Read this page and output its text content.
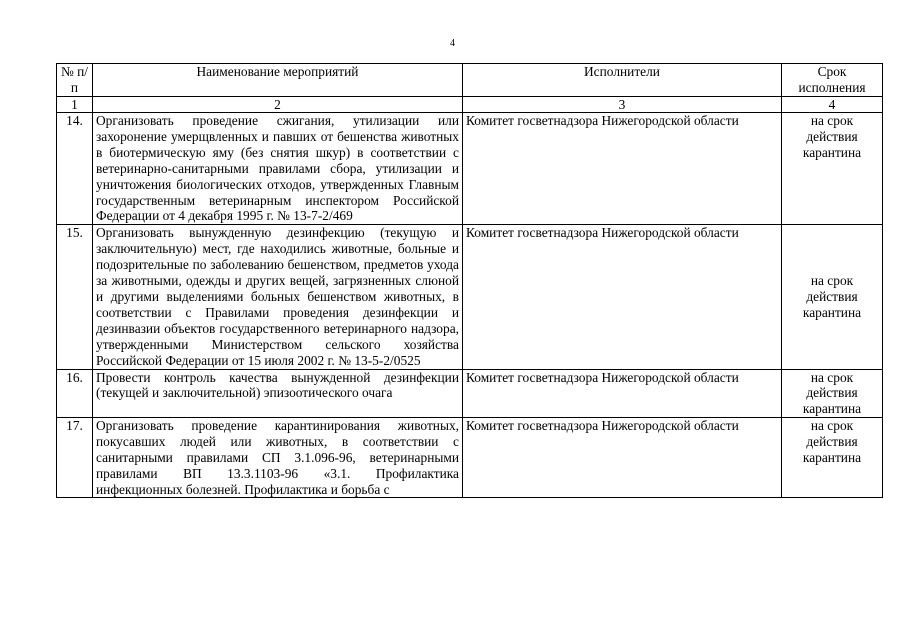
4
№ п/п	Наименование мероприятий	Исполнители	Срок исполнения
1	2	3	4
14.	Организовать проведение сжигания, утилизации или захоронение умерщвленных и павших от бешенства животных в биотермическую яму (без снятия шкур) в соответствии с ветеринарно-санитарными правилами сбора, утилизации и уничтожения биологических отходов, утвержденных Главным государственным ветеринарным инспектором Российской Федерации от 4 декабря 1995 г. № 13-7-2/469	Комитет госветнадзора Нижегородской области	на срок действия карантина
15.	Организовать вынужденную дезинфекцию (текущую и заключительную) мест, где находились животные, больные и подозрительные по заболеванию бешенством, предметов ухода за животными, одежды и других вещей, загрязненных слюной и другими выделениями больных бешенством животных, в соответствии с Правилами проведения дезинфекции и дезинвазии объектов государственного ветеринарного надзора, утвержденными Министерством сельского хозяйства Российской Федерации от 15 июля 2002 г. № 13-5-2/0525	Комитет госветнадзора Нижегородской области	на срок действия карантина
16.	Провести контроль качества вынужденной дезинфекции (текущей и заключительной) эпизоотического очага	Комитет госветнадзора Нижегородской области	на срок действия карантина
17.	Организовать проведение карантинирования животных, покусавших людей или животных, в соответствии с санитарными правилами СП 3.1.096-96, ветеринарными правилами ВП 13.3.1103-96 «3.1. Профилактика инфекционных болезней. Профилактика и борьба с	Комитет госветнадзора Нижегородской области	на срок действия карантина
